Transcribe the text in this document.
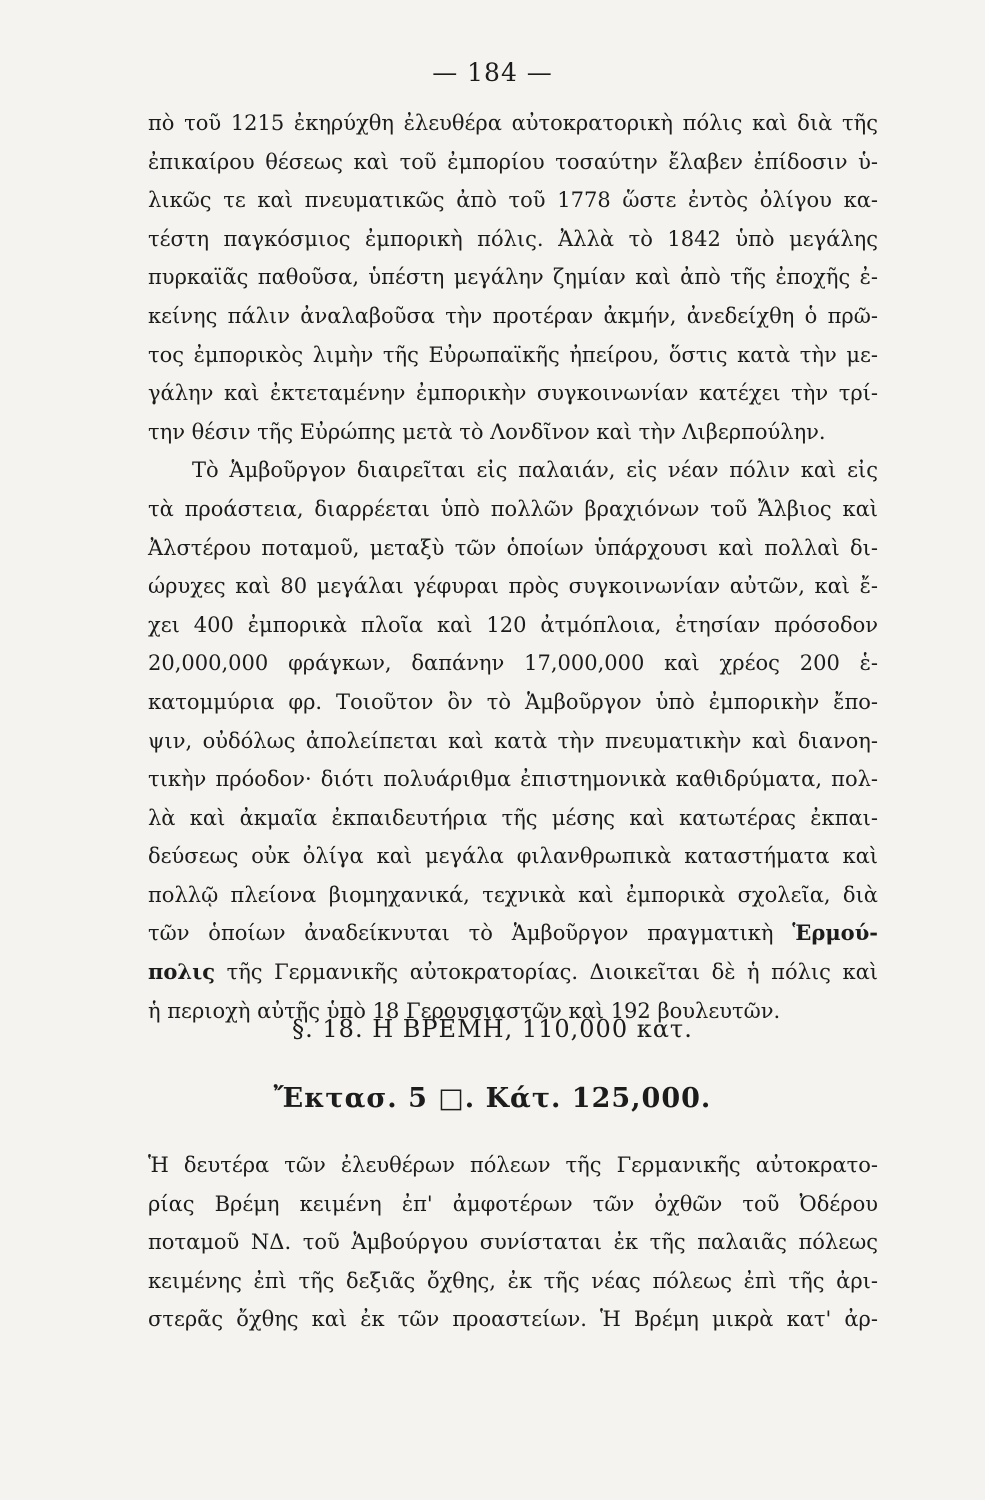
— 184 —
πὸ τοῦ 1215 ἐκηρύχθη ἐλευθέρα αὐτοκρατορικὴ πόλις καὶ διὰ τῆς
ἐπικαίρου θέσεως καὶ τοῦ ἐμπορίου τοσαύτην ἔλαβεν ἐπίδοσιν ὑ-
λικῶς τε καὶ πνευματικῶς ἀπὸ τοῦ 1778 ὥστε ἐντὸς ὀλίγου κα-
τέστη παγκόσμιος ἐμπορικὴ πόλις. Ἀλλὰ τὸ 1842 ὑπὸ μεγάλης
πυρκαϊᾶς παθοῦσα, ὑπέστη μεγάλην ζημίαν καὶ ἀπὸ τῆς ἐποχῆς ἐ-
κείνης πάλιν ἀναλαβοῦσα τὴν προτέραν ἀκμήν, ἀνεδείχθη ὁ πρῶ-
τος ἐμπορικὸς λιμὴν τῆς Εὐρωπαϊκῆς ἠπείρου, ὅστις κατὰ τὴν με-
γάλην καὶ ἐκτεταμένην ἐμπορικὴν συγκοινωνίαν κατέχει τὴν τρί-
την θέσιν τῆς Εὐρώπης μετὰ τὸ Λονδῖνον καὶ τὴν Λιβερπούλην.
Τὸ Ἁμβοῦργον διαιρεῖται εἰς παλαιάν, εἰς νέαν πόλιν καὶ εἰς
τὰ προάστεια, διαρρέεται ὑπὸ πολλῶν βραχιόνων τοῦ Ἄλβιος καὶ
Ἀλστέρου ποταμοῦ, μεταξὺ τῶν ὁποίων ὑπάρχουσι καὶ πολλαὶ δι-
ώρυχες καὶ 80 μεγάλαι γέφυραι πρὸς συγκοινωνίαν αὐτῶν, καὶ ἔ-
χει 400 ἐμπορικὰ πλοῖα καὶ 120 ἀτμόπλοια, ἐτησίαν πρόσοδον
20,000,000 φράγκων, δαπάνην 17,000,000 καὶ χρέος 200 ἑ-
κατομμύρια φρ. Τοιοῦτον ὂν τὸ Ἁμβοῦργον ὑπὸ ἐμπορικὴν ἔπο-
ψιν, οὐδόλως ἀπολείπεται καὶ κατὰ τὴν πνευματικὴν καὶ διανοη-
τικὴν πρόοδον· διότι πολυάριθμα ἐπιστημονικὰ καθιδρύματα, πολ-
λὰ καὶ ἀκμαῖα ἐκπαιδευτήρια τῆς μέσης καὶ κατωτέρας ἐκπαι-
δεύσεως οὐκ ὀλίγα καὶ μεγάλα φιλανθρωπικὰ καταστήματα καὶ
πολλῷ πλείονα βιομηχανικά, τεχνικὰ καὶ ἐμπορικὰ σχολεῖα, διὰ
τῶν ὁποίων ἀναδείκνυται τὸ Ἁμβοῦργον πραγματικὴ Ἑρμού-
πολις τῆς Γερμανικῆς αὐτοκρατορίας. Διοικεῖται δὲ ἡ πόλις καὶ
ἡ περιοχὴ αὐτῆς ὑπὸ 18 Γερουσιαστῶν καὶ 192 βουλευτῶν.
§. 18. Η ΒΡΕΜΗ, 110,000 κατ.
Ἔκτασ. 5 □. Κάτ. 125,000.
Ἡ δευτέρα τῶν ἐλευθέρων πόλεων τῆς Γερμανικῆς αὐτοκρατο-
ρίας Βρέμη κειμένη ἐπ' ἀμφοτέρων τῶν ὀχθῶν τοῦ Ὀδέρου
ποταμοῦ ΝΔ. τοῦ Ἁμβούργου συνίσταται ἐκ τῆς παλαιᾶς πόλεως
κειμένης ἐπὶ τῆς δεξιᾶς ὄχθης, ἐκ τῆς νέας πόλεως ἐπὶ τῆς ἀρι-
στερᾶς ὄχθης καὶ ἐκ τῶν προαστείων. Ἡ Βρέμη μικρὰ κατ' ἀρ-
